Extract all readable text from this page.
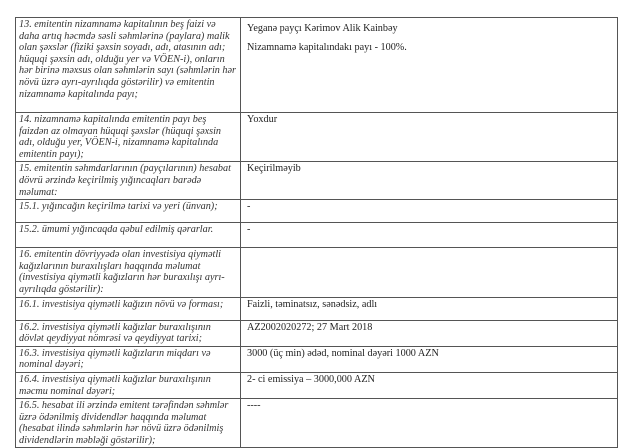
13. emitentin nizamnamə kapitalının beş faizi və daha artıq həcmdə səsli səhmlərinə (paylara) malik olan şəxslər (fiziki şəxsin soyadı, adı, atasının adı; hüquqi şəxsin adı, olduğu yer və VÖEN-i), onların hər birinə məxsus olan səhmlərin sayı (səhmlərin hər növü üzrə ayrı-ayrılıqda göstərilir) və emitentin nizamnamə kapitalında payı;	Yeganə payçı Kərimov Alik Kainbəy
Nizamnamə kapitalındakı payı - 100%.

14. nizamnamə kapitalında emitentin payı beş faizdən az olmayan hüquqi şəxslər (hüquqi şəxsin adı, olduğu yer, VÖEN-i, nizamnamə kapitalında emitentin payı);	Yoxdur

15. emitentin səhmdarlarının (payçılarının) hesabat dövrü ərzində keçirilmiş yığıncaqları barədə məlumat:	Keçirilməyib

15.1. yığıncağın keçirilmə tarixi və yeri (ünvan);	-

15.2. ümumi yığıncaqda qəbul edilmiş qərarlar.	-

16. emitentin dövriyyədə olan investisiya qiymətli kağızlarının buraxılışları haqqında məlumat (investisiya qiymətli kağızların hər buraxılışı ayrı- ayrılıqda göstərilir):	

16.1. investisiya qiymətli kağızın növü və forması;	Faizli, təminatsız, sənədsiz, adlı

16.2. investisiya qiymətli kağızlar buraxılışının dövlət qeydiyyat nömrəsi və qeydiyyat tarixi;	AZ2002020272; 27 Mart 2018

16.3. investisiya qiymətli kağızların miqdarı və nominal dəyəri;	3000 (üç min) ədəd, nominal dəyəri 1000 AZN

16.4. investisiya qiymətli kağızlar buraxılışının məcmu nominal dəyəri;	2- ci emissiya – 3000,000 AZN

16.5. hesabat ili ərzində emitent tərəfindən səhmlər üzrə ödənilmiş dividendlər haqqında məlumat (hesabat ilində səhmlərin hər növü üzrə ödənilmiş dividendlərin məbləği göstərilir);	----
